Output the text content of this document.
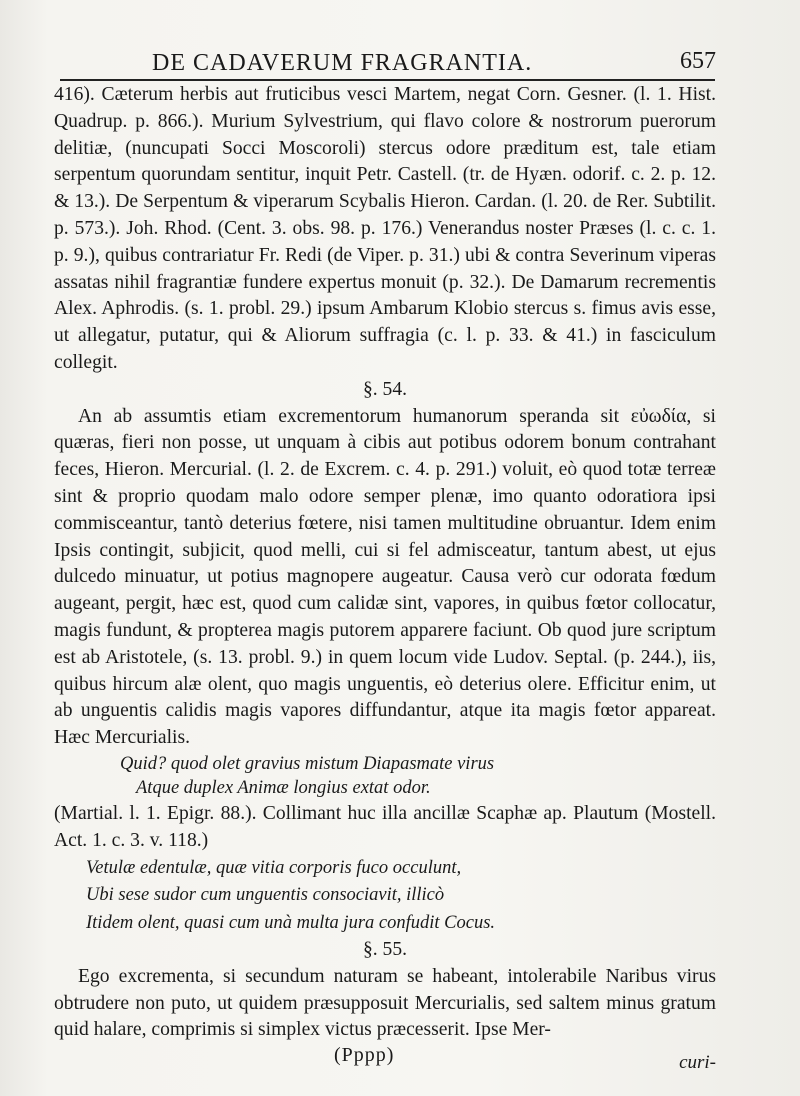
DE CADAVERUM FRAGRANTIA.	657

416). Cæterum herbis aut fruticibus vesci Martem, negat Corn. Gesner. (l. 1. Hist. Quadrup. p. 866.). Murium Sylvestrium, qui flavo colore & nostrorum puerorum delitiæ, (nuncupati Socci Moscoroli) stercus odore præditum est, tale etiam serpentum quorundam sentitur, inquit Petr. Castell. (tr. de Hyæn. odorif. c. 2. p. 12. & 13.). De Serpentum & viperarum Scybalis Hieron. Cardan. (l. 20. de Rer. Subtilit. p. 573.). Joh. Rhod. (Cent. 3. obs. 98. p. 176.) Venerandus noster Præses (l. c. c. 1. p. 9.), quibus contrariatur Fr. Redi (de Viper. p. 31.) ubi & contra Severinum viperas assatas nihil fragrantiæ fundere expertus monuit (p. 32.). De Damarum recrementis Alex. Aphrodis. (s. 1. probl. 29.) ipsum Ambarum Klobio stercus s. fimus avis esse, ut allegatur, putatur, qui & Aliorum suffragia (c. l. p. 33. & 41.) in fasciculum collegit.

§. 54.

An ab assumtis etiam excrementorum humanorum speranda sit εὐωδία, si quæras, fieri non posse, ut unquam à cibis aut potibus odorem bonum contrahant feces, Hieron. Mercurial. (l. 2. de Excrem. c. 4. p. 291.) voluit, eò quod totæ terreæ sint & proprio quodam malo odore semper plenæ, imo quanto odoratiora ipsi commisceantur, tantò deterius fœtere, nisi tamen multitudine obruantur. Idem enim Ipsis contingit, subjicit, quod melli, cui si fel admisceatur, tantum abest, ut ejus dulcedo minuatur, ut potius magnopere augeatur. Causa verò cur odorata fœdum augeant, pergit, hæc est, quod cum calidæ sint, vapores, in quibus fœtor collocatur, magis fundunt, & propterea magis putorem apparere faciunt. Ob quod jure scriptum est ab Aristotele, (s. 13. probl. 9.) in quem locum vide Ludov. Septal. (p. 244.), iis, quibus hircum alæ olent, quo magis unguentis, eò deterius olere. Efficitur enim, ut ab unguentis calidis magis vapores diffundantur, atque ita magis fœtor appareat. Hæc Mercurialis.

Quid? quod olet gravius mistum Diapasmate virus
Atque duplex Animæ longius extat odor.

(Martial. l. 1. Epigr. 88.). Collimant huc illa ancillæ Scaphæ ap. Plautum (Mostell. Act. 1. c. 3. v. 118.)

Vetulæ edentulæ, quæ vitia corporis fuco occulunt,
Ubi sese sudor cum unguentis consociavit, illicò
Itidem olent, quasi cum unà multa jura confudit Cocus.

§. 55.

Ego excrementa, si secundum naturam se habeant, intolerabile Naribus virus obtrudere non puto, ut quidem præsupposuit Mercurialis, sed saltem minus gratum quid halare, comprimis si simplex victus præcesserit. Ipse Mer-

(Pppp)	curi-
